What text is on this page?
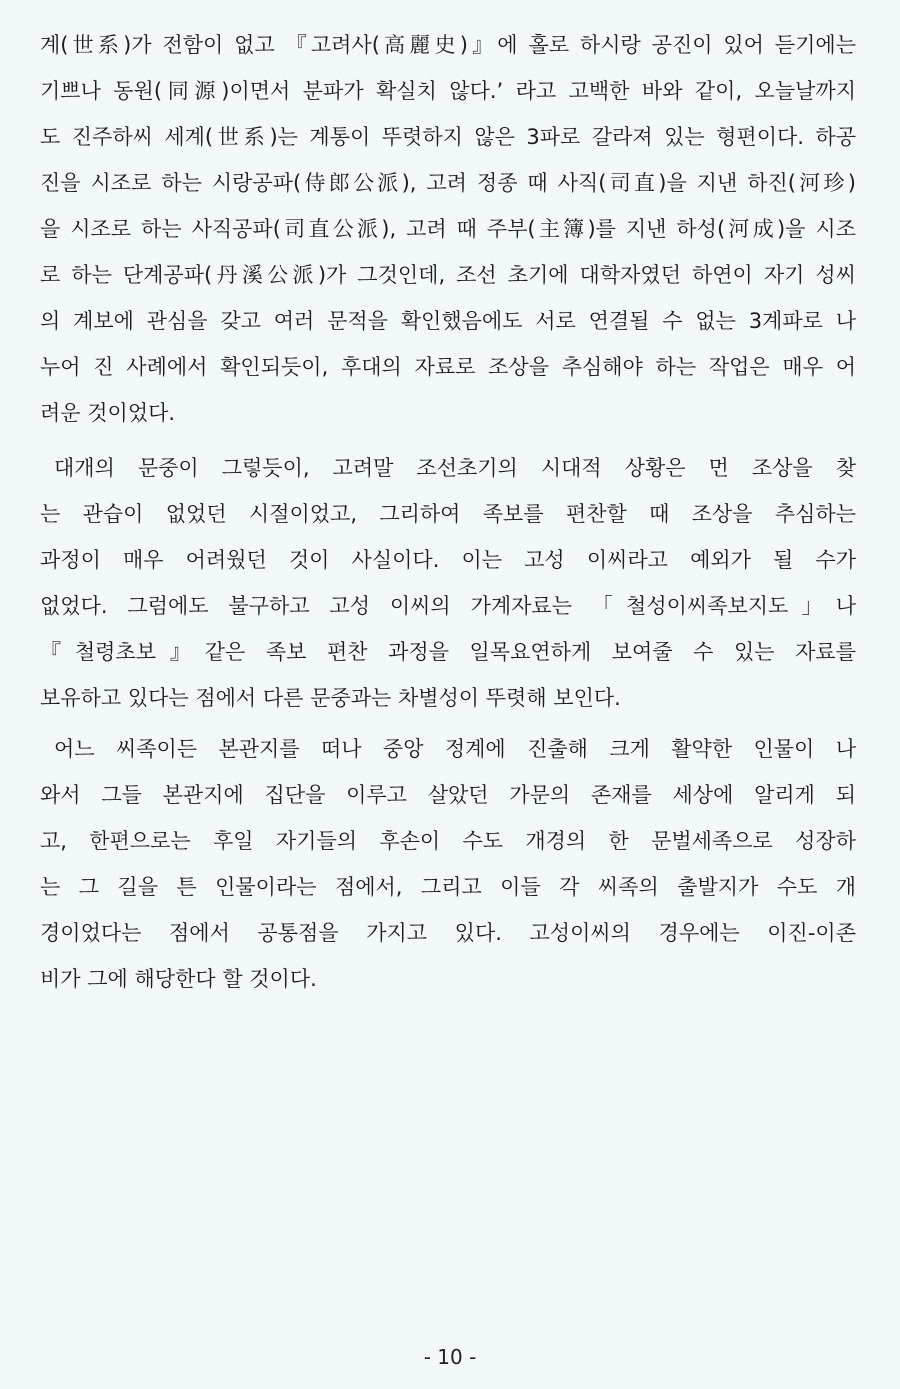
계(世系)가 전함이 없고 『고려사(高麗史)』에 홀로 하시랑 공진이 있어 듣기에는
기쁘나 동원(同源)이면서 분파가 확실치 않다.’ 라고 고백한 바와 같이, 오늘날까지
도 진주하씨 세계(世系)는 계통이 뚜렷하지 않은 3파로 갈라져 있는 형편이다. 하공
진을 시조로 하는 시랑공파(侍郎公派), 고려 정종 때 사직(司直)을 지낸 하진(河珍)
을 시조로 하는 사직공파(司直公派), 고려 때 주부(主簿)를 지낸 하성(河成)을 시조
로 하는 단계공파(丹溪公派)가 그것인데, 조선 초기에 대학자였던 하연이 자기 성씨
의 계보에 관심을 갖고 여러 문적을 확인했음에도 서로 연결될 수 없는 3계파로 나
누어 진 사례에서 확인되듯이, 후대의 자료로 조상을 추심해야 하는 작업은 매우 어
려운 것이었다.
대개의 문중이 그렇듯이, 고려말 조선초기의 시대적 상황은 먼 조상을 찾
는 관습이 없었던 시절이었고, 그리하여 족보를 편찬할 때 조상을 추심하는
과정이 매우 어려웠던 것이 사실이다. 이는 고성 이씨라고 예외가 될 수가
없었다. 그럼에도 불구하고 고성 이씨의 가계자료는 「철성이씨족보지도」나
『철령초보』같은 족보 편찬 과정을 일목요연하게 보여줄 수 있는 자료를
보유하고 있다는 점에서 다른 문중과는 차별성이 뚜렷해 보인다.
어느 씨족이든 본관지를 떠나 중앙 정계에 진출해 크게 활약한 인물이 나
와서 그들 본관지에 집단을 이루고 살았던 가문의 존재를 세상에 알리게 되
고, 한편으로는 후일 자기들의 후손이 수도 개경의 한 문벌세족으로 성장하
는 그 길을 튼 인물이라는 점에서, 그리고 이들 각 씨족의 출발지가 수도 개
경이었다는 점에서 공통점을 가지고 있다. 고성이씨의 경우에는 이진-이존
비가 그에 해당한다 할 것이다.
- 10 -
